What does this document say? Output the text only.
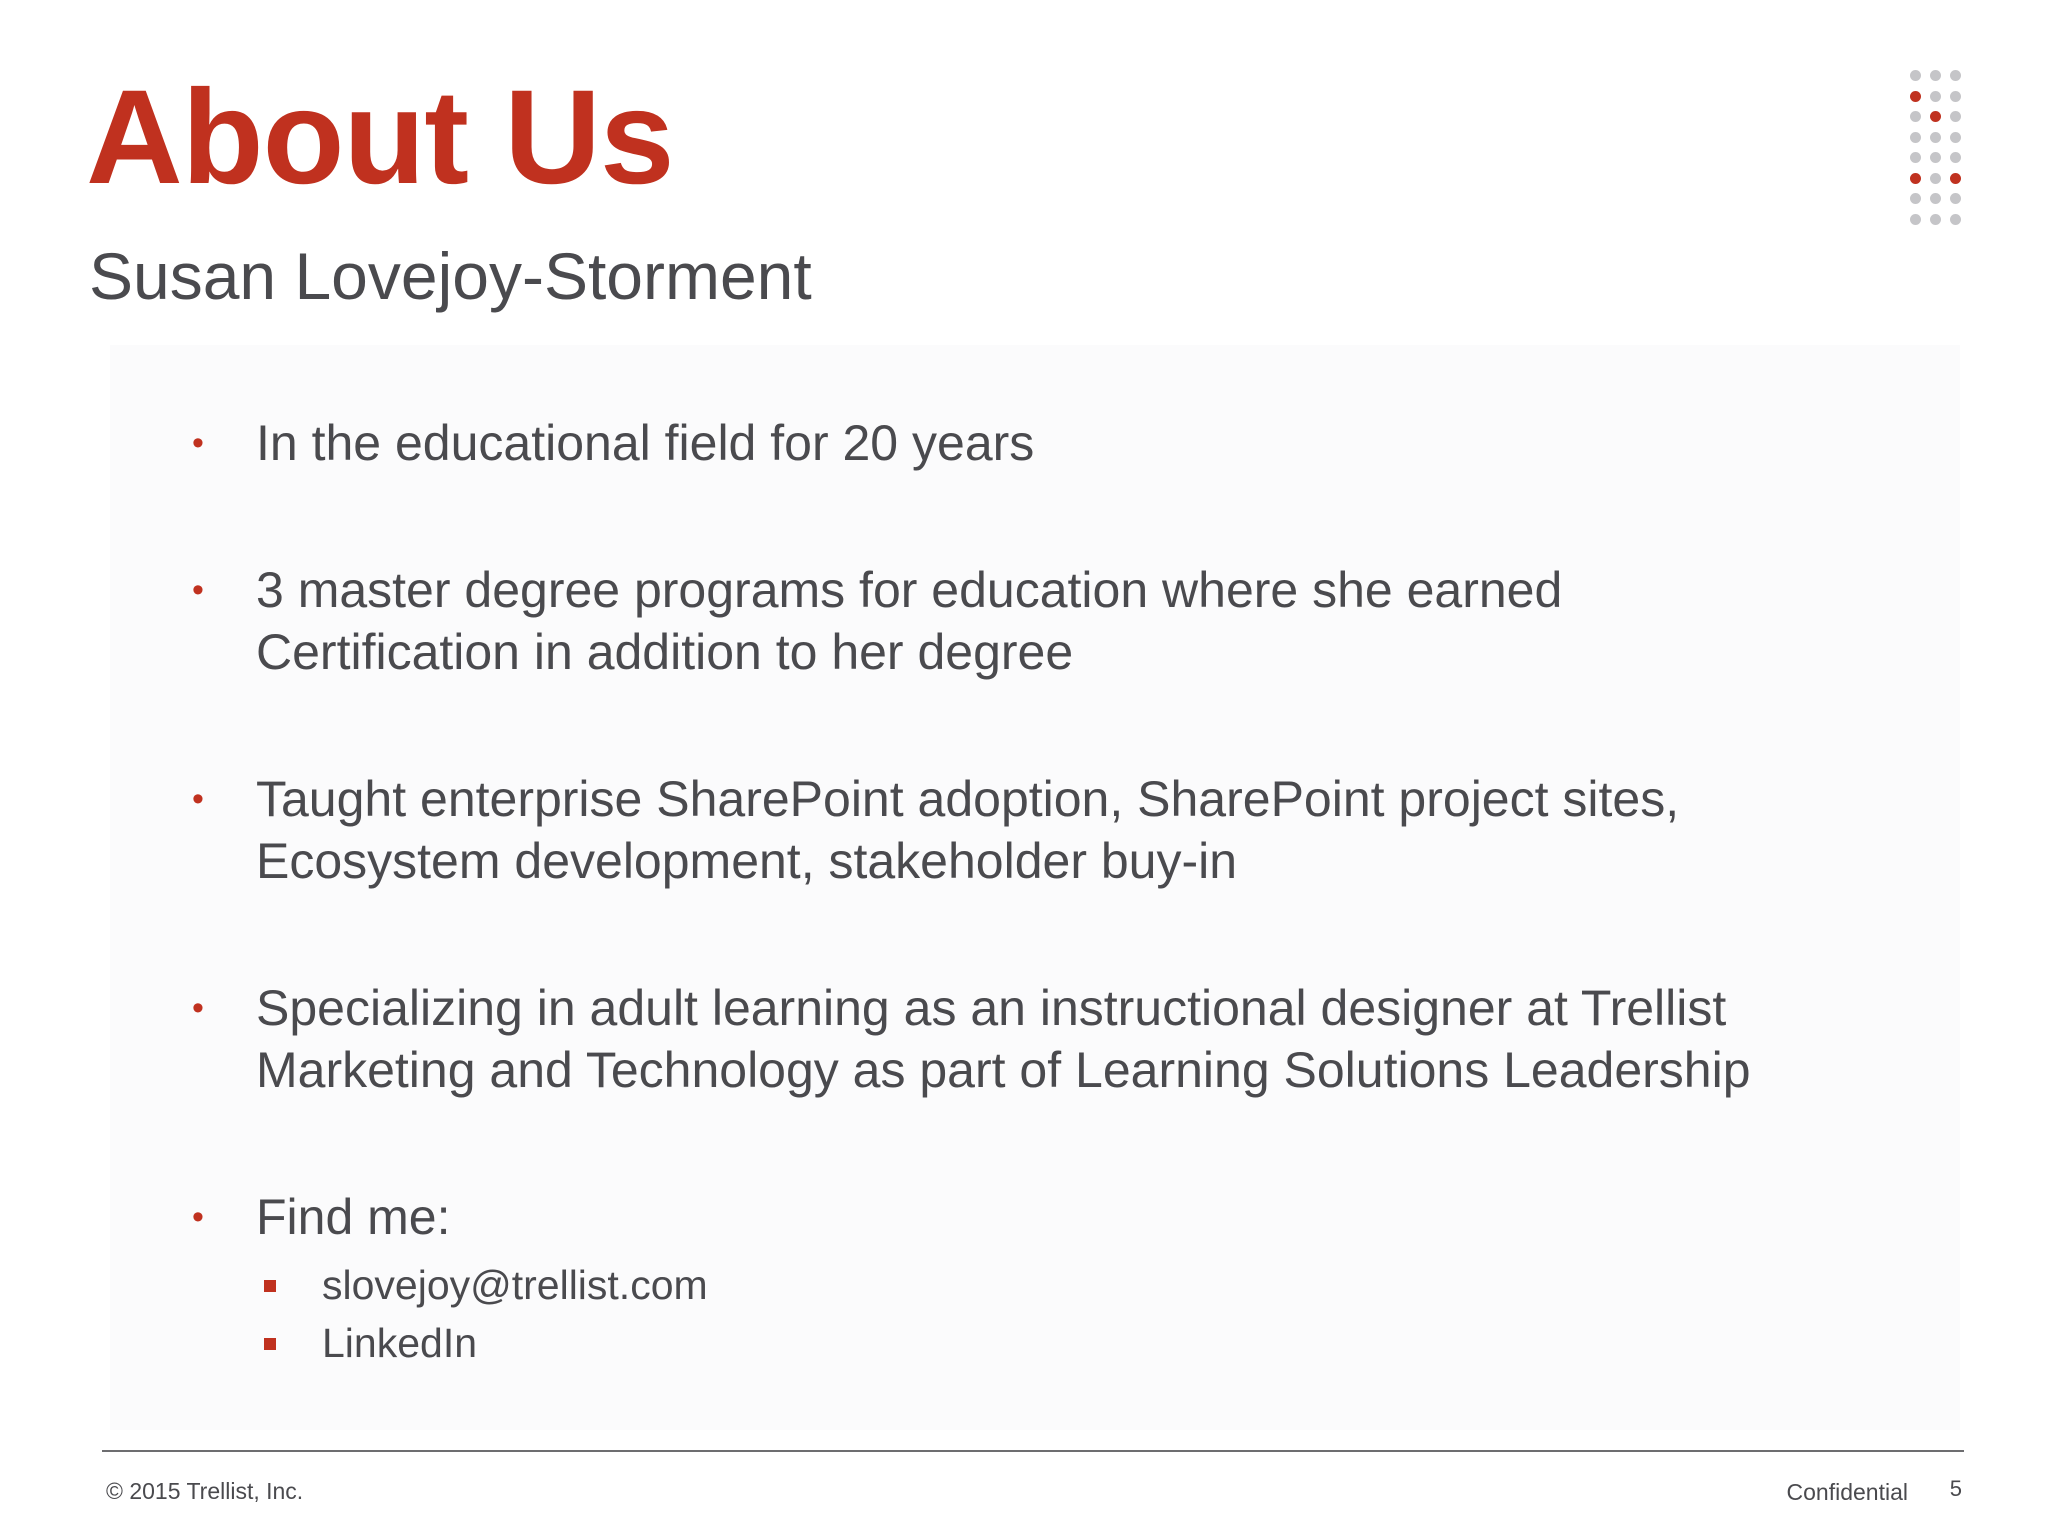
About Us
Susan Lovejoy-Storment
• In the educational field for 20 years
• 3 master degree programs for education where she earned Certification in addition to her degree
• Taught enterprise SharePoint adoption, SharePoint project sites, Ecosystem development, stakeholder buy-in
• Specializing in adult learning as an instructional designer at Trellist Marketing and Technology as part of Learning Solutions Leadership
• Find me:
slovejoy@trellist.com
LinkedIn
© 2015 Trellist, Inc.	Confidential 5
